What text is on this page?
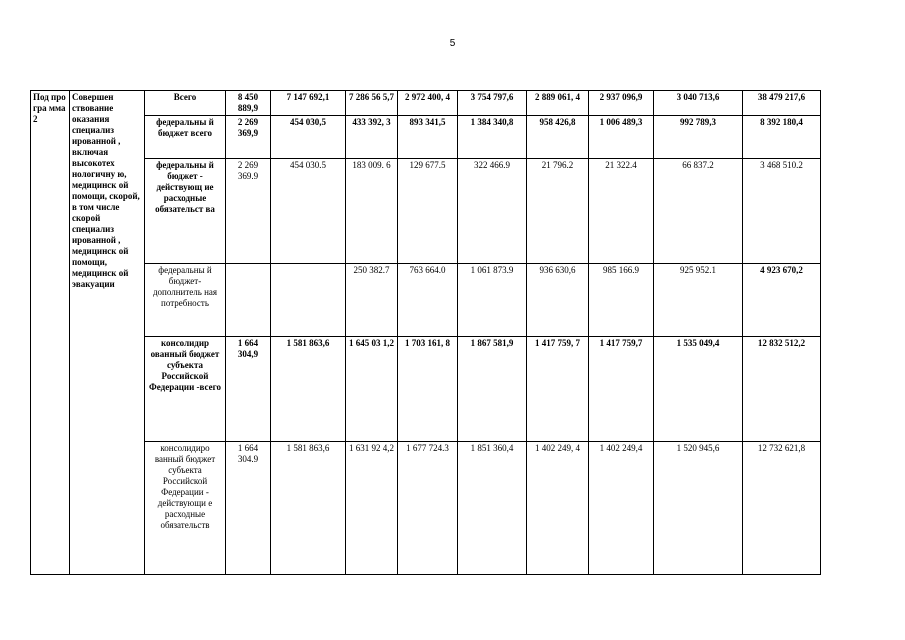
5
Под про гра мма 2	Совершен ствование оказания специализ ированной , включая высокотех нологичну ю, медицинск ой помощи, скорой, в том числе скорой специализ ированной , медицинск ой помощи, медицинск ой эвакуации	Всего	8 450 889,9	7 147 692,1	7 286 56 5,7	2 972 400, 4	3 754 797,6	2 889 061, 4	2 937 096,9	3 040 713,6	38 479 217,6
		федеральны й бюджет всего	2 269 369,9	454 030,5	433 392, 3	893 341,5	1 384 340,8	958 426,8	1 006 489,3	992 789,3	8 392 180,4
		федеральны й бюджет - действующ ие расходные обязательст ва	2 269 369.9	454 030.5	183 009. 6	129 677.5	322 466.9	21 796.2	21 322.4	66 837.2	3 468 510.2
		федеральны й бюджет- дополнитель ная потребность			250 382.7	763 664.0	1 061 873.9	936 630,6	985 166.9	925 952.1	4 923 670,2
		консолидир ованный бюджет субъекта Российской Федерации -всего	1 664 304,9	1 581 863,6	1 645 03 1,2	1 703 161, 8	1 867 581,9	1 417 759, 7	1 417 759,7	1 535 049,4	12 832 512,2
		консолидиро ванный бюджет субъекта Российской Федерации - действующи е расходные обязательств	1 664 304.9	1 581 863,6	1 631 92 4,2	1 677 724.3	1 851 360,4	1 402 249, 4	1 402 249,4	1 520 945,6	12 732 621,8
